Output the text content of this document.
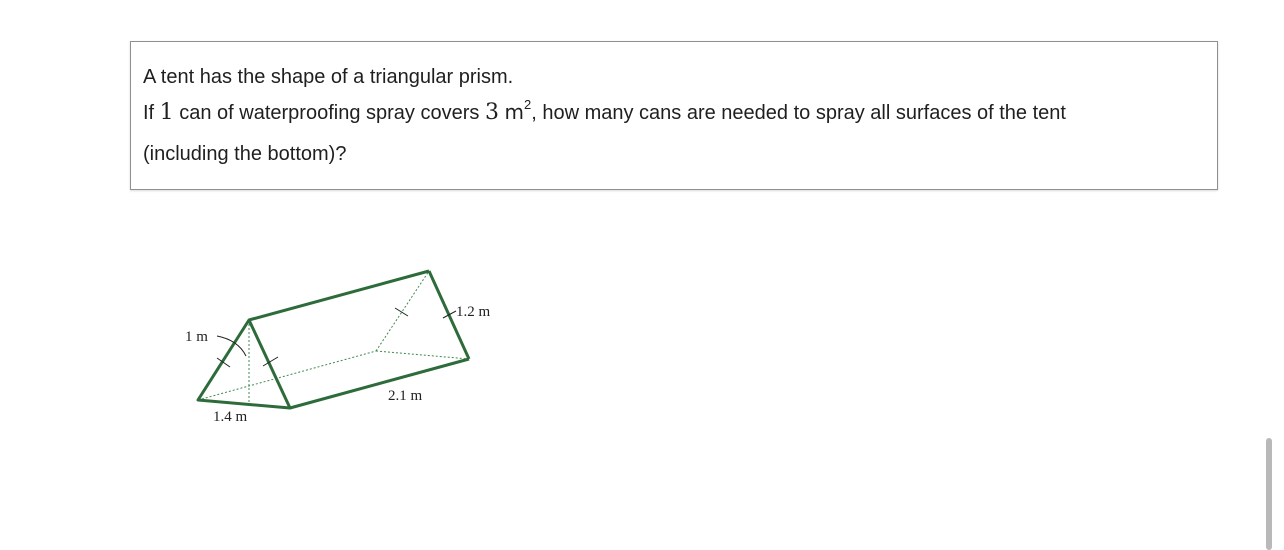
A tent has the shape of a triangular prism.

If 1 can of waterproofing spray covers 3 $m^2$, how many cans are needed to spray all surfaces of the tent

(including the bottom)?

1 m
1.4 m
2.1 m
1.2 m
